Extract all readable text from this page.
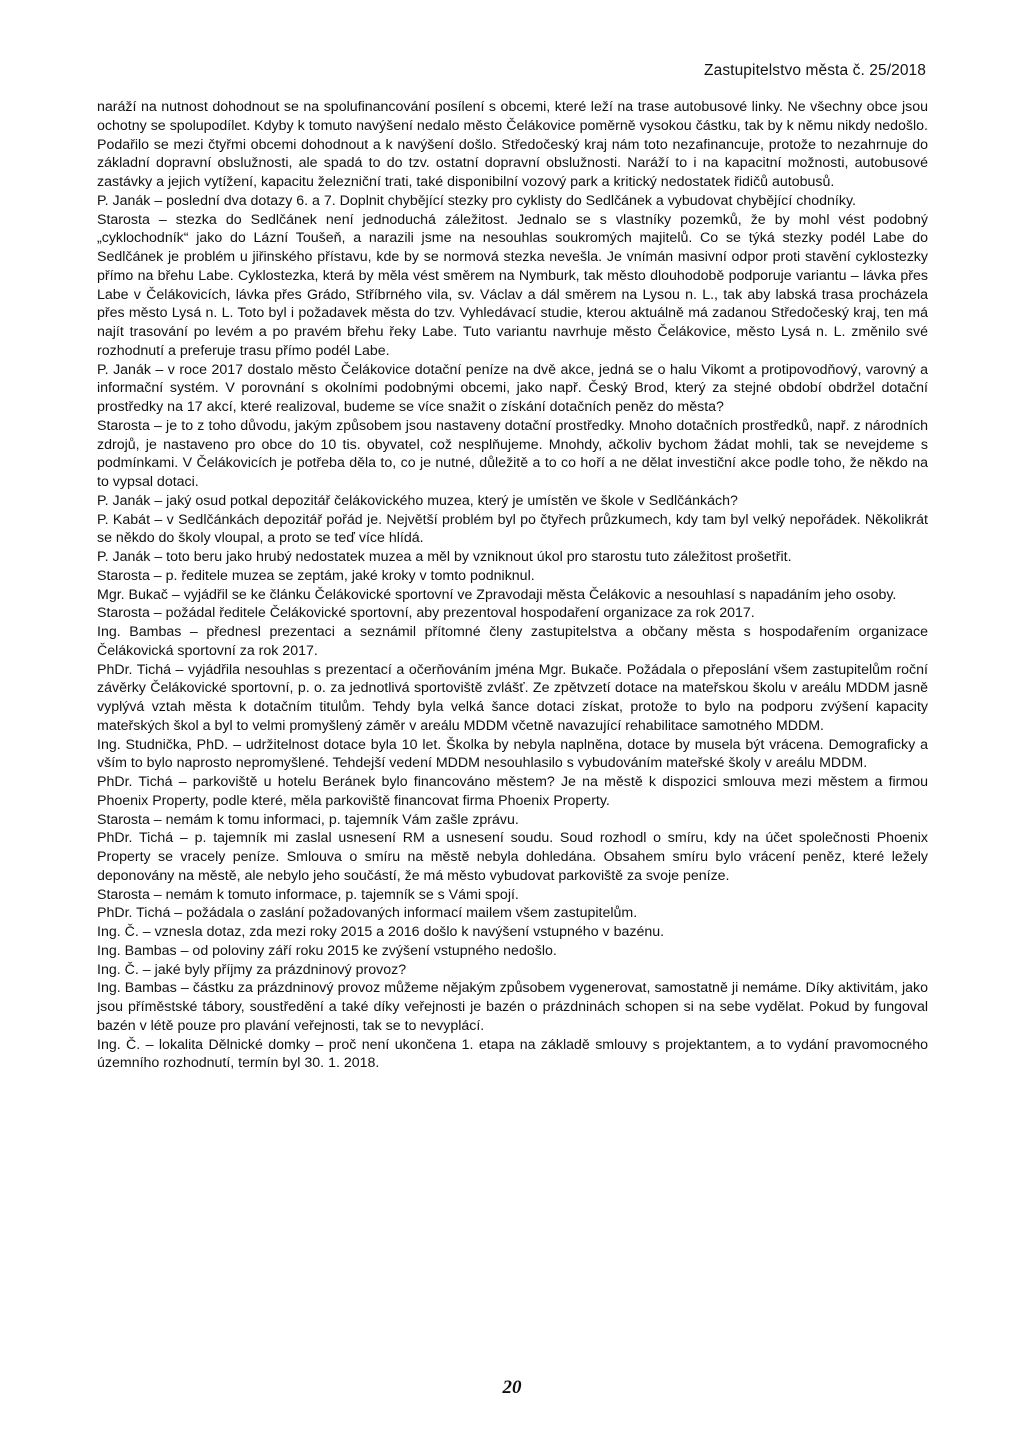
Zastupitelstvo města č. 25/2018

naráží na nutnost dohodnout se na spolufinancování posílení s obcemi, které leží na trase autobusové linky. Ne všechny obce jsou ochotny se spolupodílet. Kdyby k tomuto navýšení nedalo město Čelákovice poměrně vysokou částku, tak by k němu nikdy nedošlo. Podařilo se mezi čtyřmi obcemi dohodnout a k navýšení došlo. Středočeský kraj nám toto nezafinancuje, protože to nezahrnuje do základní dopravní obslužnosti, ale spadá to do tzv. ostatní dopravní obslužnosti. Naráží to i na kapacitní možnosti, autobusové zastávky a jejich vytížení, kapacitu železniční trati, také disponibilní vozový park a kritický nedostatek řidičů autobusů.

P. Janák – poslední dva dotazy 6. a 7. Doplnit chybějící stezky pro cyklisty do Sedlčánek a vybudovat chybějící chodníky.

Starosta – stezka do Sedlčánek není jednoduchá záležitost. Jednalo se s vlastníky pozemků, že by mohl vést podobný „cyklochodník“ jako do Lázní Toušeň, a narazili jsme na nesouhlas soukromých majitelů. Co se týká stezky podél Labe do Sedlčánek je problém u jiřinského přístavu, kde by se normová stezka nevešla. Je vnímán masivní odpor proti stavění cyklostezky přímo na břehu Labe. Cyklostezka, která by měla vést směrem na Nymburk, tak město dlouhodobě podporuje variantu – lávka přes Labe v Čelákovicích, lávka přes Grádo, Stříbrného vila, sv. Václav a dál směrem na Lysou n. L., tak aby labská trasa procházela přes město Lysá n. L. Toto byl i požadavek města do tzv. Vyhledávací studie, kterou aktuálně má zadanou Středočeský kraj, ten má najít trasování po levém a po pravém břehu řeky Labe. Tuto variantu navrhuje město Čelákovice, město Lysá n. L. změnilo své rozhodnutí a preferuje trasu přímo podél Labe.

P. Janák – v roce 2017 dostalo město Čelákovice dotační peníze na dvě akce, jedná se o halu Vikomt a protipovodňový, varovný a informační systém. V porovnání s okolními podobnými obcemi, jako např. Český Brod, který za stejné období obdržel dotační prostředky na 17 akcí, které realizoval, budeme se více snažit o získání dotačních peněz do města?

Starosta – je to z toho důvodu, jakým způsobem jsou nastaveny dotační prostředky. Mnoho dotačních prostředků, např. z národních zdrojů, je nastaveno pro obce do 10 tis. obyvatel, což nesplňujeme. Mnohdy, ačkoliv bychom žádat mohli, tak se nevejdeme s podmínkami. V Čelákovicích je potřeba děla to, co je nutné, důležitě a to co hoří a ne dělat investiční akce podle toho, že někdo na to vypsal dotaci.

P. Janák – jaký osud potkal depozitář čelákovického muzea, který je umístěn ve škole v Sedlčánkách?

P. Kabát – v Sedlčánkách depozitář pořád je. Největší problém byl po čtyřech průzkumech, kdy tam byl velký nepořádek. Několikrát se někdo do školy vloupal, a proto se teď více hlídá.

P. Janák – toto beru jako hrubý nedostatek muzea a měl by vzniknout úkol pro starostu tuto záležitost prošetřit.

Starosta – p. ředitele muzea se zeptám, jaké kroky v tomto podniknul.

Mgr. Bukač – vyjádřil se ke článku Čelákovické sportovní ve Zpravodaji města Čelákovic a nesouhlasí s napadáním jeho osoby.

Starosta – požádal ředitele Čelákovické sportovní, aby prezentoval hospodaření organizace za rok 2017.

Ing. Bambas – přednesl prezentaci a seznámil přítomné členy zastupitelstva a občany města s hospodařením organizace Čelákovická sportovní za rok 2017.

PhDr. Tichá – vyjádřila nesouhlas s prezentací a očerňováním jména Mgr. Bukače. Požádala o přeposlání všem zastupitelům roční závěrky Čelákovické sportovní, p. o. za jednotlivá sportoviště zvlášť. Ze zpětvzetí dotace na mateřskou školu v areálu MDDM jasně vyplývá vztah města k dotačním titulům. Tehdy byla velká šance dotaci získat, protože to bylo na podporu zvýšení kapacity mateřských škol a byl to velmi promyšlený záměr v areálu MDDM včetně navazující rehabilitace samotného MDDM.

Ing. Studnička, PhD. – udržitelnost dotace byla 10 let. Školka by nebyla naplněna, dotace by musela být vrácena. Demograficky a vším to bylo naprosto nepromyšlené. Tehdejší vedení MDDM nesouhlasilo s vybudováním mateřské školy v areálu MDDM.

PhDr. Tichá – parkoviště u hotelu Beránek bylo financováno městem? Je na městě k dispozici smlouva mezi městem a firmou Phoenix Property, podle které, měla parkoviště financovat firma Phoenix Property.

Starosta – nemám k tomu informaci, p. tajemník Vám zašle zprávu.

PhDr. Tichá – p. tajemník mi zaslal usnesení RM a usnesení soudu. Soud rozhodl o smíru, kdy na účet společnosti Phoenix Property se vracely peníze. Smlouva o smíru na městě nebyla dohledána. Obsahem smíru bylo vrácení peněz, které ležely deponovány na městě, ale nebylo jeho součástí, že má město vybudovat parkoviště za svoje peníze.

Starosta – nemám k tomuto informace, p. tajemník se s Vámi spojí.

PhDr. Tichá – požádala o zaslání požadovaných informací mailem všem zastupitelům.

Ing. Č. – vznesla dotaz, zda mezi roky 2015 a 2016 došlo k navýšení vstupného v bazénu.

Ing. Bambas – od poloviny září roku 2015 ke zvýšení vstupného nedošlo.

Ing. Č. – jaké byly příjmy za prázdninový provoz?

Ing. Bambas – částku za prázdninový provoz můžeme nějakým způsobem vygenerovat, samostatně ji nemáme. Díky aktivitám, jako jsou příměstské tábory, soustředění a také díky veřejnosti je bazén o prázdninách schopen si na sebe vydělat. Pokud by fungoval bazén v létě pouze pro plavání veřejnosti, tak se to nevyplácí.

Ing. Č. – lokalita Dělnické domky – proč není ukončena 1. etapa na základě smlouvy s projektantem, a to vydání pravomocného územního rozhodnutí, termín byl 30. 1. 2018.

20
